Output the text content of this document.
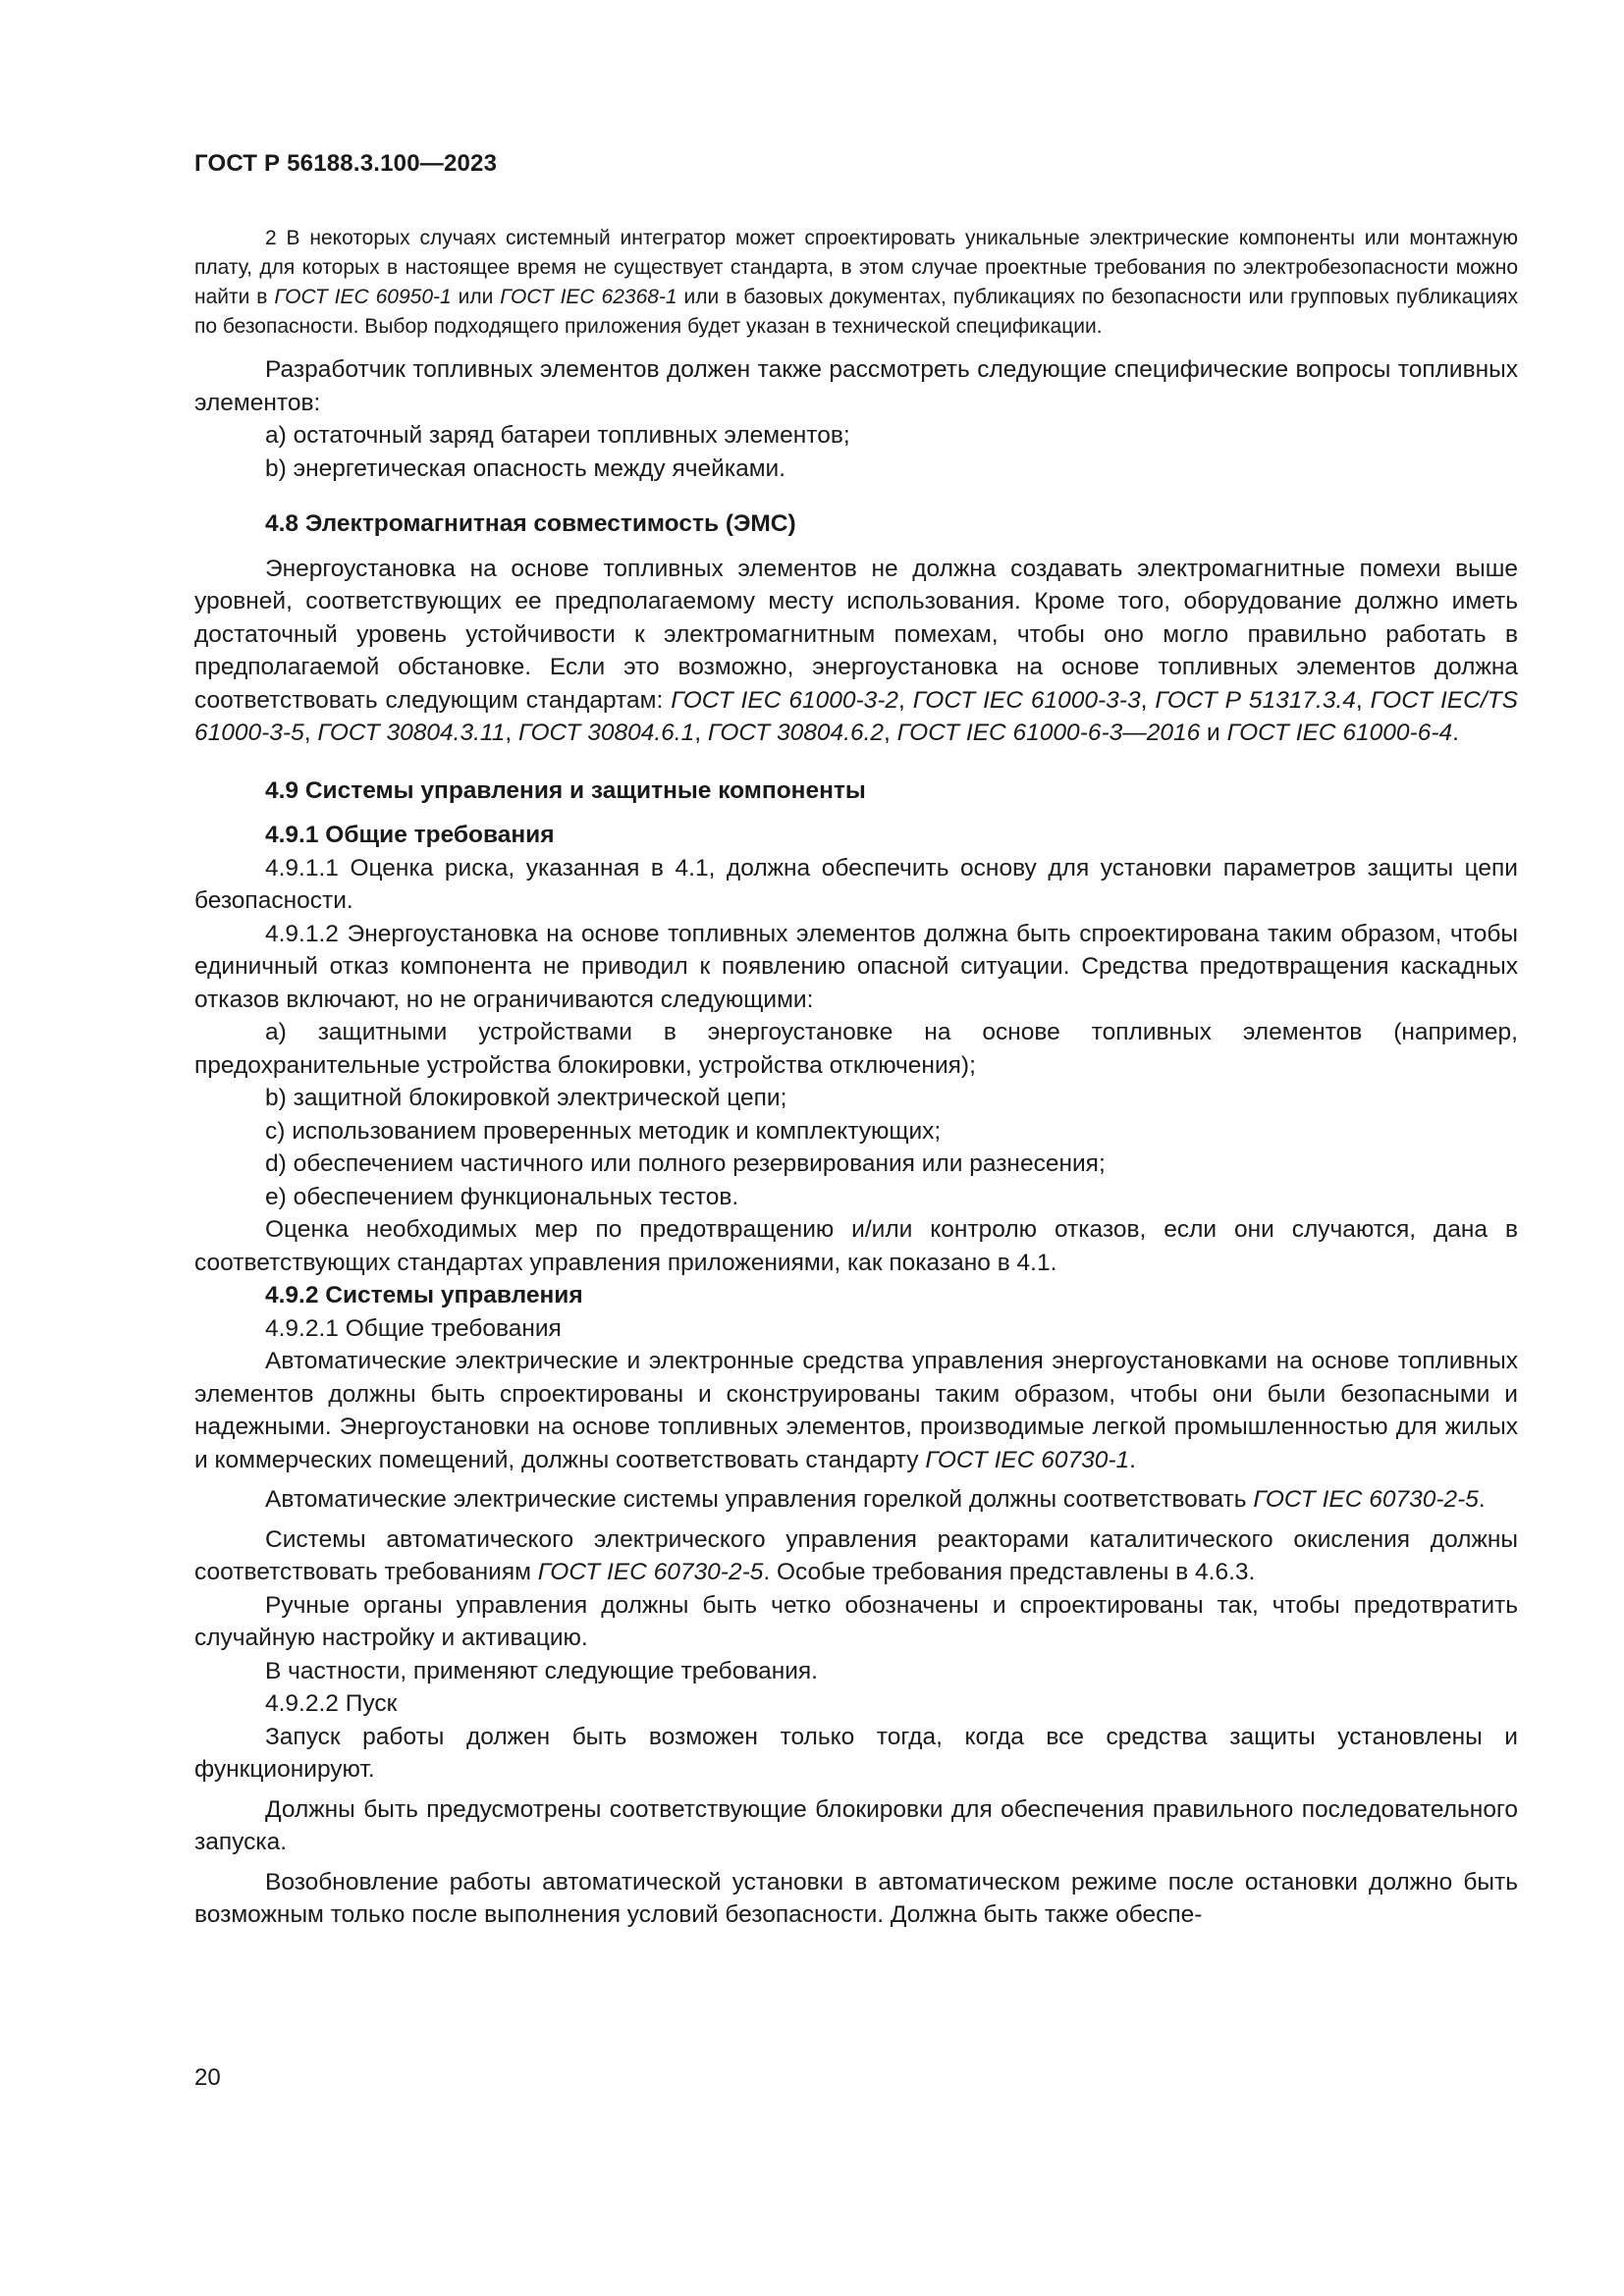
ГОСТ Р 56188.3.100—2023

2 В некоторых случаях системный интегратор может спроектировать уникальные электрические компоненты или монтажную плату, для которых в настоящее время не существует стандарта, в этом случае проектные требования по электробезопасности можно найти в ГОСТ IEC 60950-1 или ГОСТ IEC 62368-1 или в базовых документах, публикациях по безопасности или групповых публикациях по безопасности. Выбор подходящего приложения будет указан в технической спецификации.

Разработчик топливных элементов должен также рассмотреть следующие специфические вопросы топливных элементов:

a) остаточный заряд батареи топливных элементов;

b) энергетическая опасность между ячейками.

4.8 Электромагнитная совместимость (ЭМС)

Энергоустановка на основе топливных элементов не должна создавать электромагнитные помехи выше уровней, соответствующих ее предполагаемому месту использования. Кроме того, оборудование должно иметь достаточный уровень устойчивости к электромагнитным помехам, чтобы оно могло правильно работать в предполагаемой обстановке. Если это возможно, энергоустановка на основе топливных элементов должна соответствовать следующим стандартам: ГОСТ IEC 61000-3-2, ГОСТ IEC 61000-3-3, ГОСТ Р 51317.3.4, ГОСТ IEC/TS 61000-3-5, ГОСТ 30804.3.11, ГОСТ 30804.6.1, ГОСТ 30804.6.2, ГОСТ IEC 61000-6-3—2016 и ГОСТ IEC 61000-6-4.

4.9 Системы управления и защитные компоненты

4.9.1 Общие требования

4.9.1.1 Оценка риска, указанная в 4.1, должна обеспечить основу для установки параметров защиты цепи безопасности.

4.9.1.2 Энергоустановка на основе топливных элементов должна быть спроектирована таким образом, чтобы единичный отказ компонента не приводил к появлению опасной ситуации. Средства предотвращения каскадных отказов включают, но не ограничиваются следующими:

a) защитными устройствами в энергоустановке на основе топливных элементов (например, предохранительные устройства блокировки, устройства отключения);

b) защитной блокировкой электрической цепи;

c) использованием проверенных методик и комплектующих;

d) обеспечением частичного или полного резервирования или разнесения;

e) обеспечением функциональных тестов.

Оценка необходимых мер по предотвращению и/или контролю отказов, если они случаются, дана в соответствующих стандартах управления приложениями, как показано в 4.1.

4.9.2 Системы управления

4.9.2.1 Общие требования

Автоматические электрические и электронные средства управления энергоустановками на основе топливных элементов должны быть спроектированы и сконструированы таким образом, чтобы они были безопасными и надежными. Энергоустановки на основе топливных элементов, производимые легкой промышленностью для жилых и коммерческих помещений, должны соответствовать стандарту ГОСТ IEC 60730-1.

Автоматические электрические системы управления горелкой должны соответствовать ГОСТ IEC 60730-2-5.

Системы автоматического электрического управления реакторами каталитического окисления должны соответствовать требованиям ГОСТ IEC 60730-2-5. Особые требования представлены в 4.6.3.

Ручные органы управления должны быть четко обозначены и спроектированы так, чтобы предотвратить случайную настройку и активацию.

В частности, применяют следующие требования.

4.9.2.2 Пуск

Запуск работы должен быть возможен только тогда, когда все средства защиты установлены и функционируют.

Должны быть предусмотрены соответствующие блокировки для обеспечения правильного последовательного запуска.

Возобновление работы автоматической установки в автоматическом режиме после остановки должно быть возможным только после выполнения условий безопасности. Должна быть также обеспе-

20
